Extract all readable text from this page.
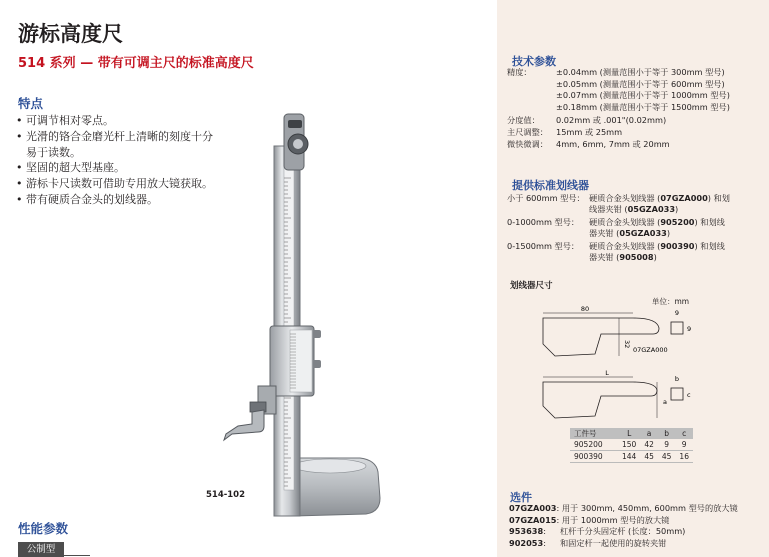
游标高度尺
514 系列 — 带有可调主尺的标准高度尺
特点
• 可调节相对零点。
• 光滑的铬合金磨光杆上清晰的刻度十分
易于读数。
• 坚固的超大型基座。
• 游标卡尺读数可借助专用放大镜获取。
• 带有硬质合金头的划线器。
514-102
性能参数
公制型
技术参数
精度：	±0.04mm (测量范围小于等于 300mm 型号)
±0.05mm (测量范围小于等于 600mm 型号)
±0.07mm (测量范围小于等于 1000mm 型号)
±0.18mm (测量范围小于等于 1500mm 型号)
分度值： 0.02mm 或 .001"(0.02mm)
主尺调整： 15mm 或 25mm
微快微调： 4mm, 6mm, 7mm 或 20mm
提供标准划线器
小于 600mm 型号： 硬质合金头划线器 (07GZA000) 和划
线器夹钳 (05GZA033)
0-1000mm 型号： 硬质合金头划线器 (905200) 和划线
器夹钳 (05GZA033)
0-1500mm 型号： 硬质合金头划线器 (900390) 和划线
器夹钳 (905008)
划线器尺寸
单位：mm
80
32
07GZA000
9
9
L
a
b
c
工件号	L	a	b	c
905200	150	42	9	9
900390	144	45	45	16
选件
07GZA003: 用于 300mm, 450mm, 600mm 型号的放大镜
07GZA015: 用于 1000mm 型号的放大镜
953638: 杠杆千分头固定杆 (长度：50mm)
902053: 和固定杆一起使用的旋转夹钳
